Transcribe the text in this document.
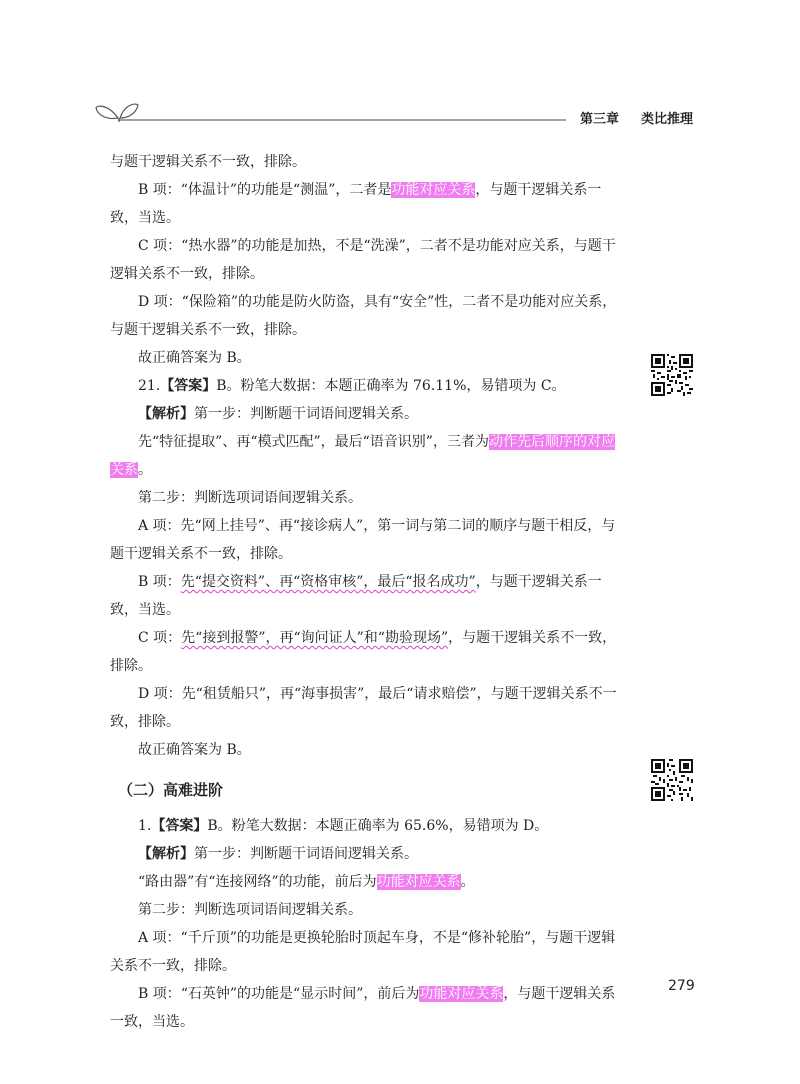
第三章 类比推理

与题干逻辑关系不一致，排除。

B 项：“体温计”的功能是“测温”，二者是功能对应关系，与题干逻辑关系一致，当选。

C 项：“热水器”的功能是加热，不是“洗澡”，二者不是功能对应关系，与题干逻辑关系不一致，排除。

D 项：“保险箱”的功能是防火防盗，具有“安全”性，二者不是功能对应关系，与题干逻辑关系不一致，排除。

故正确答案为 B。

21.【答案】B。粉笔大数据：本题正确率为 76.11%，易错项为 C。

【解析】第一步：判断题干词语间逻辑关系。

先“特征提取”、再“模式匹配”，最后“语音识别”，三者为动作先后顺序的对应关系。

第二步：判断选项词语间逻辑关系。

A 项：先“网上挂号”、再“接诊病人”，第一词与第二词的顺序与题干相反，与题干逻辑关系不一致，排除。

B 项：先“提交资料”、再“资格审核”，最后“报名成功”，与题干逻辑关系一致，当选。

C 项：先“接到报警”，再“询问证人”和“勘验现场”，与题干逻辑关系不一致，排除。

D 项：先“租赁船只”，再“海事损害”，最后“请求赔偿”，与题干逻辑关系不一致，排除。

故正确答案为 B。

（二）高难进阶

1.【答案】B。粉笔大数据：本题正确率为 65.6%，易错项为 D。

【解析】第一步：判断题干词语间逻辑关系。

“路由器”有“连接网络”的功能，前后为功能对应关系。

第二步：判断选项词语间逻辑关系。

A 项：“千斤顶”的功能是更换轮胎时顶起车身，不是“修补轮胎”，与题干逻辑关系不一致，排除。

B 项：“石英钟”的功能是“显示时间”，前后为功能对应关系，与题干逻辑关系一致，当选。

279
